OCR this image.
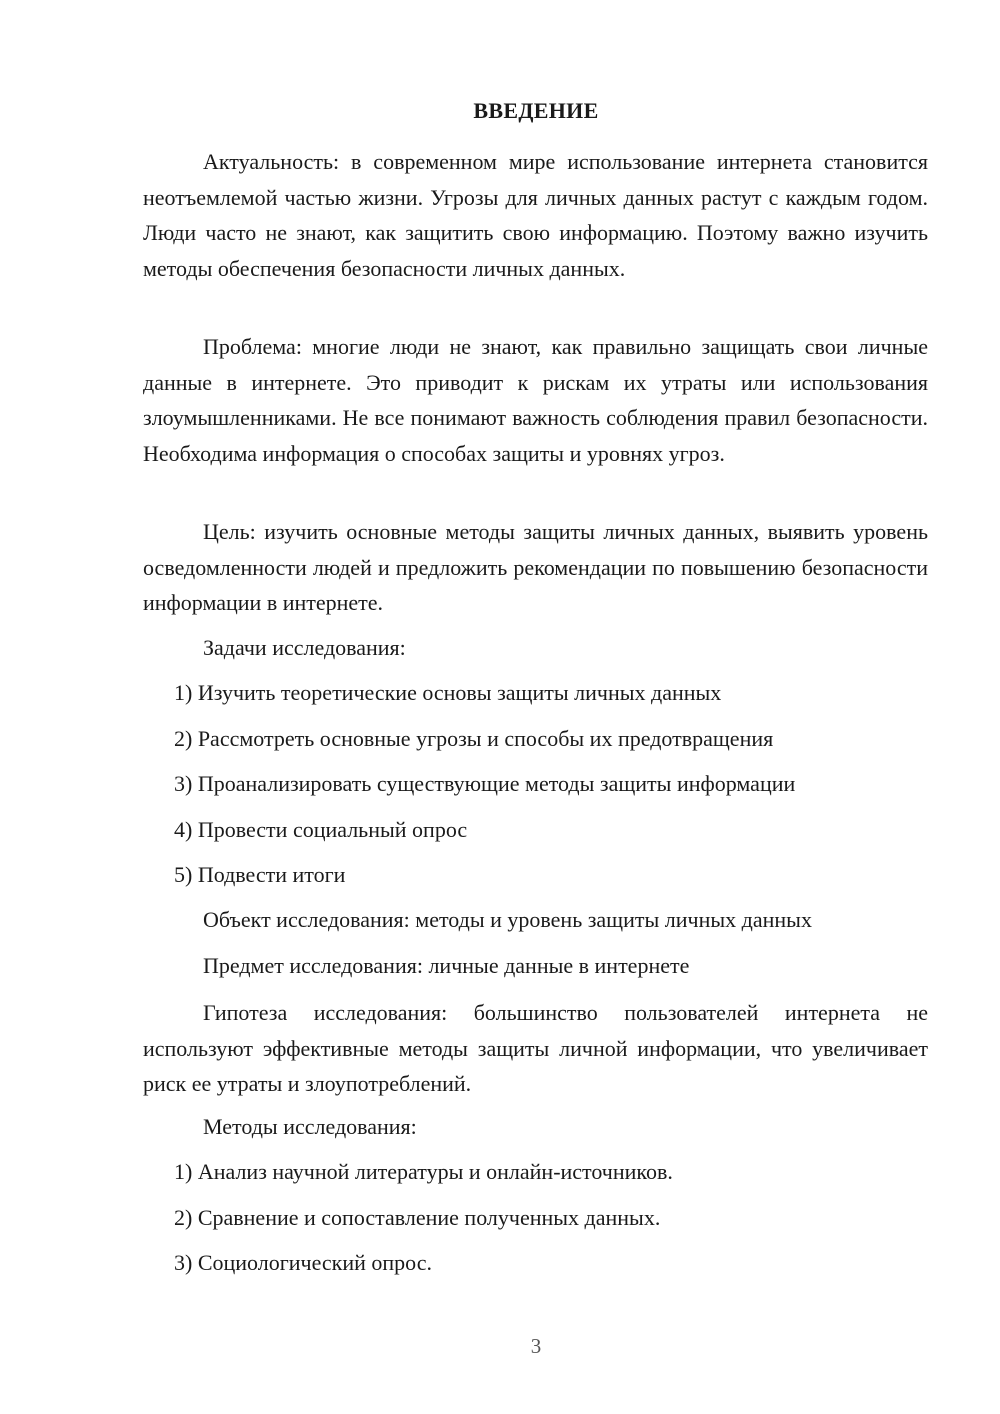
ВВЕДЕНИЕ

Актуальность: в современном мире использование интернета становится неотъемлемой частью жизни. Угрозы для личных данных растут с каждым годом. Люди часто не знают, как защитить свою информацию. Поэтому важно изучить методы обеспечения безопасности личных данных.

Проблема: многие люди не знают, как правильно защищать свои личные данные в интернете. Это приводит к рискам их утраты или использования злоумышленниками. Не все понимают важность соблюдения правил безопасности. Необходима информация о способах защиты и уровнях угроз.

Цель: изучить основные методы защиты личных данных, выявить уровень осведомленности людей и предложить рекомендации по повышению безопасности информации в интернете.

Задачи исследования:

1) Изучить теоретические основы защиты личных данных

2) Рассмотреть основные угрозы и способы их предотвращения

3) Проанализировать существующие методы защиты информации

4) Провести социальный опрос

5) Подвести итоги

Объект исследования: методы и уровень защиты личных данных

Предмет исследования: личные данные в интернете

Гипотеза исследования: большинство пользователей интернета не используют эффективные методы защиты личной информации, что увеличивает риск ее утраты и злоупотреблений.

Методы исследования:

1) Анализ научной литературы и онлайн-источников.

2) Сравнение и сопоставление полученных данных.

3) Социологический опрос.

3
